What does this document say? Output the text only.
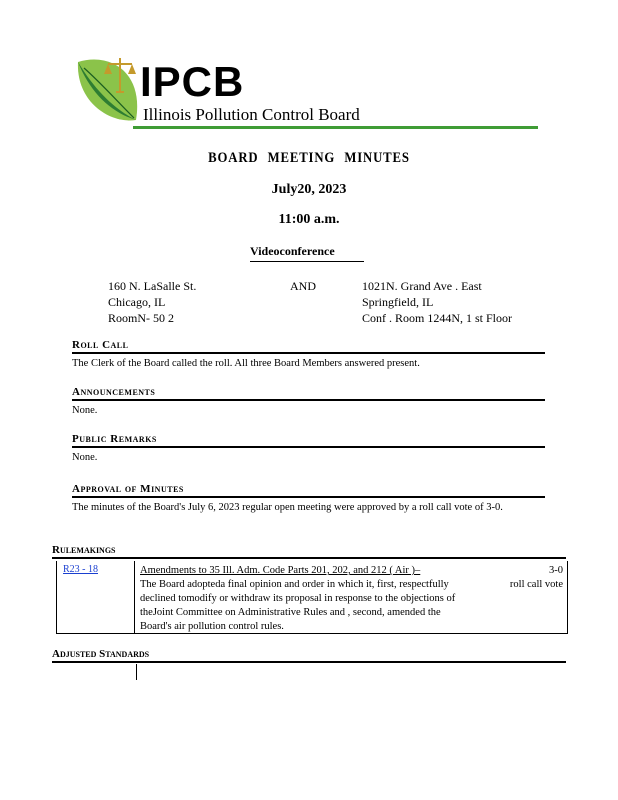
IPCB
Illinois Pollution Control Board
BOARD MEETING MINUTES
July20, 2023
11:00 a.m.
Videoconference
160 N. LaSalle St.
Chicago, IL
RoomN- 50 2
AND	1021N. Grand Ave . East
Springfield, IL
Conf . Room 1244N, 1 st Floor
Roll Call
The Clerk of the Board called the roll. All three Board Members answered present.
Announcements
None.
Public Remarks
None.
Approval of Minutes
The minutes of the Board's July 6, 2023 regular open meeting were approved by a roll call vote of 3-0.
Rulemakings
R23 - 18	Amendments to 35 Ill. Adm. Code Parts 201, 202, and 212 ( Air )–
The Board adopteda final opinion and order in which it, first, respectfully declined tomodify or withdraw its proposal in response to the objections of theJoint Committee on Administrative Rules and , second, amended the Board's air pollution control rules.
3-0
roll call vote
Adjusted Standards
